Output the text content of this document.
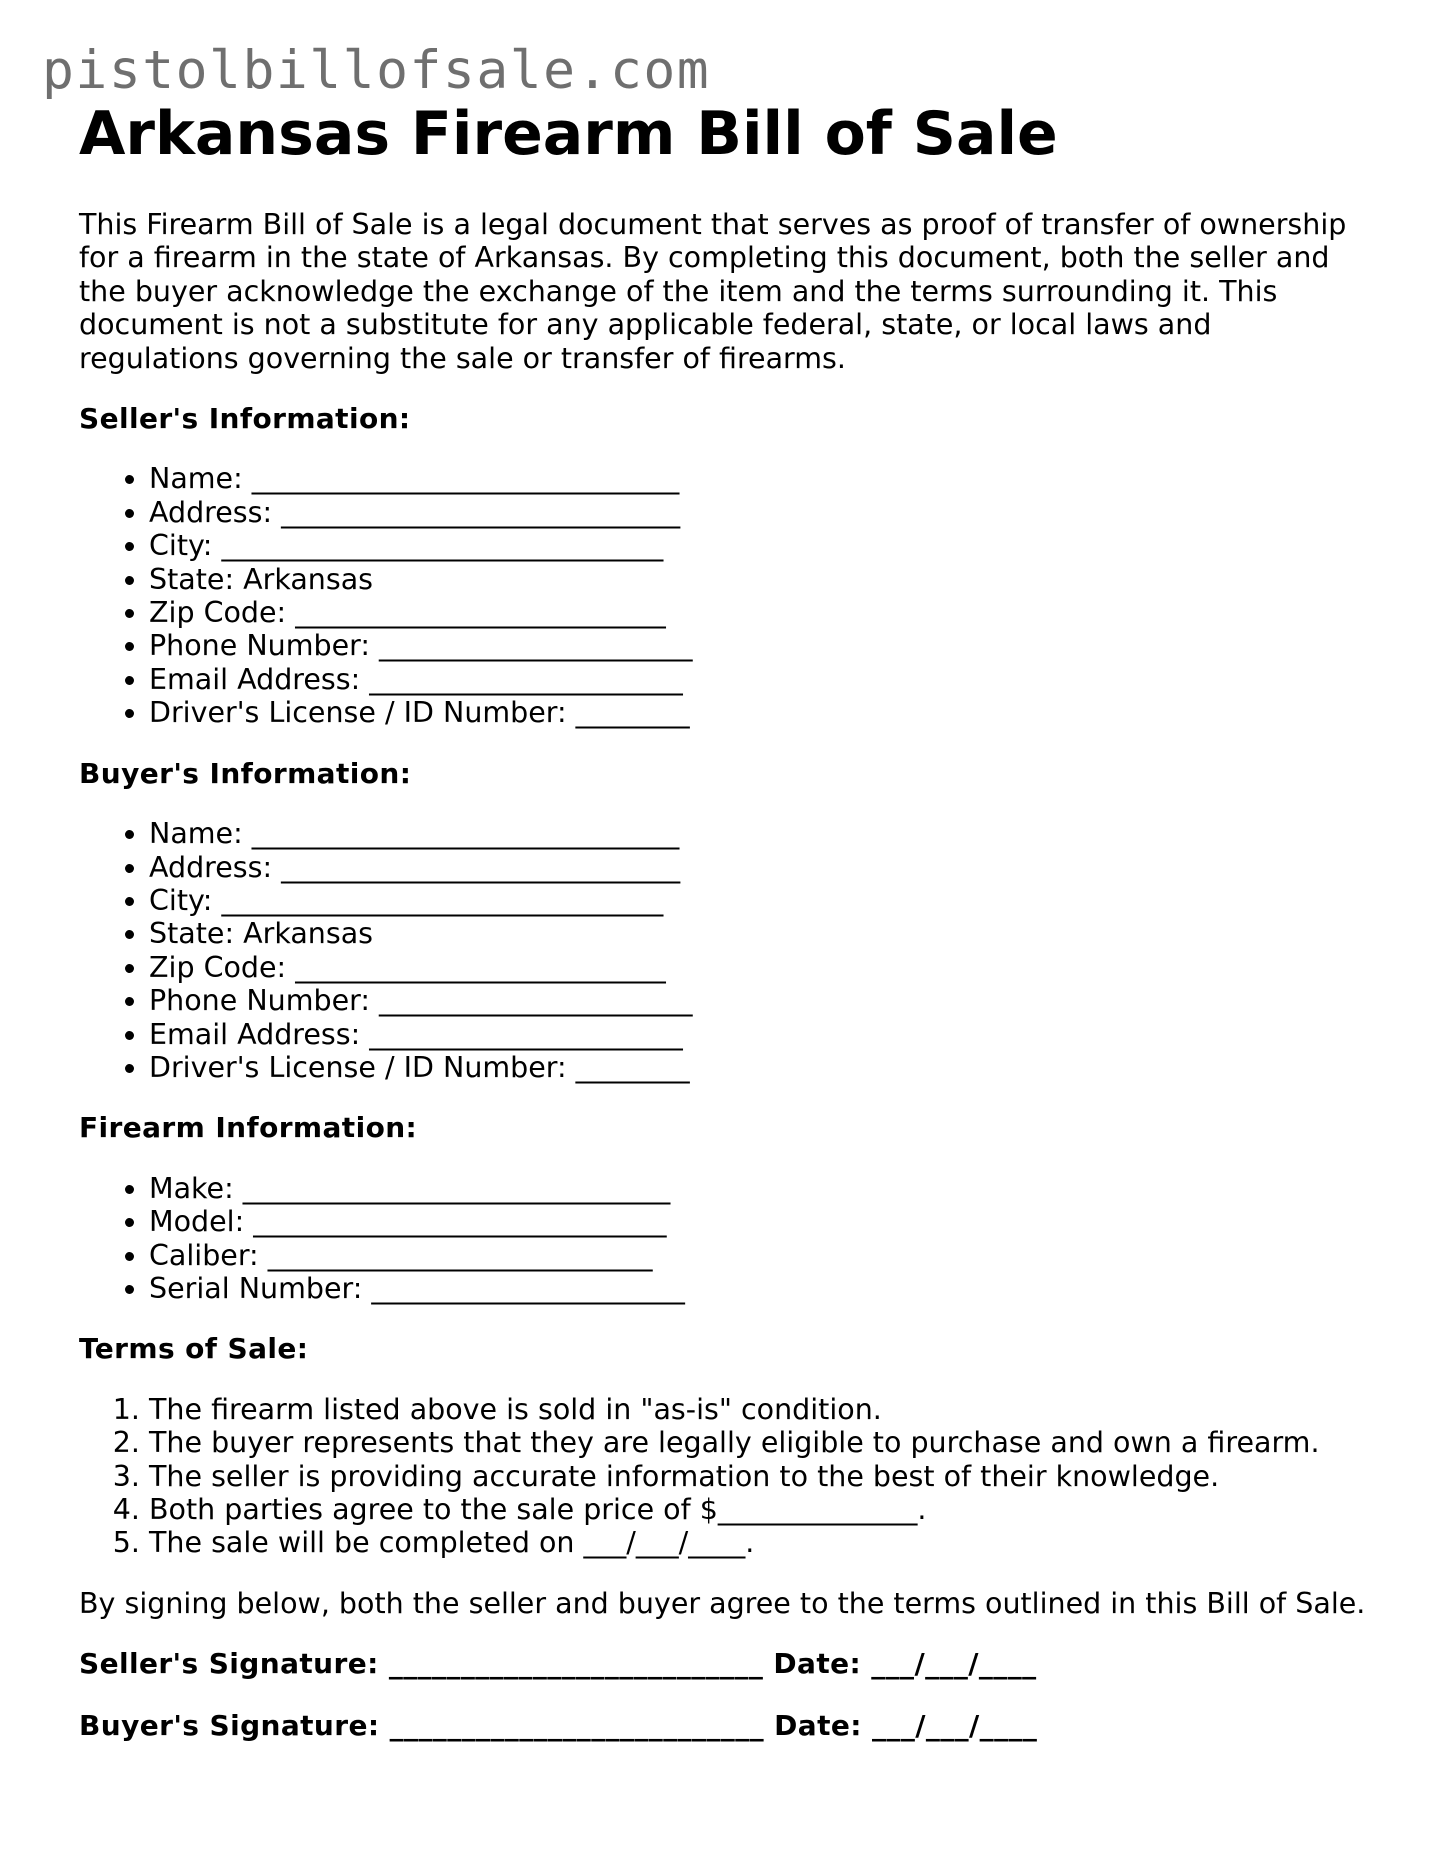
pistolbillofsale.com
Arkansas Firearm Bill of Sale

This Firearm Bill of Sale is a legal document that serves as proof of transfer of ownership for a firearm in the state of Arkansas. By completing this document, both the seller and the buyer acknowledge the exchange of the item and the terms surrounding it. This document is not a substitute for any applicable federal, state, or local laws and regulations governing the sale or transfer of firearms.

Seller's Information:

• Name: ______________________________
• Address: ____________________________
• City: _______________________________
• State: Arkansas
• Zip Code: __________________________
• Phone Number: ______________________
• Email Address: ______________________
• Driver's License / ID Number: ________

Buyer's Information:

• Name: ______________________________
• Address: ____________________________
• City: _______________________________
• State: Arkansas
• Zip Code: __________________________
• Phone Number: ______________________
• Email Address: ______________________
• Driver's License / ID Number: ________

Firearm Information:

• Make: ______________________________
• Model: _____________________________
• Caliber: ___________________________
• Serial Number: ______________________

Terms of Sale:

1. The firearm listed above is sold in "as-is" condition.
2. The buyer represents that they are legally eligible to purchase and own a firearm.
3. The seller is providing accurate information to the best of their knowledge.
4. Both parties agree to the sale price of $______________.
5. The sale will be completed on ___/___/____.

By signing below, both the seller and buyer agree to the terms outlined in this Bill of Sale.

Seller's Signature: __________________________ Date: ___/___/____

Buyer's Signature: __________________________ Date: ___/___/____
